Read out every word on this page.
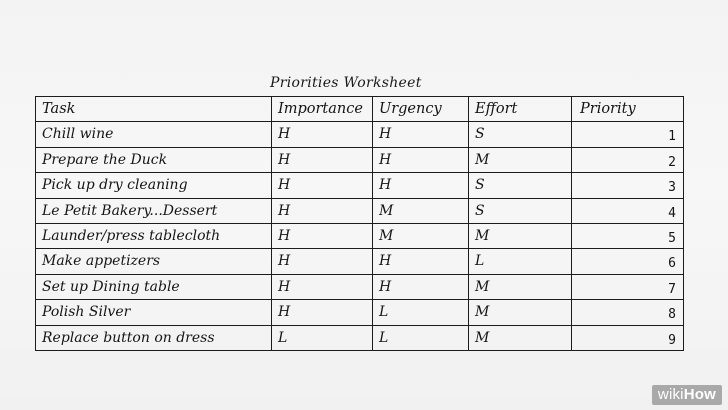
Priorities Worksheet
Task	Importance	Urgency	Effort	Priority
Chill wine	H	H	S	1
Prepare the Duck	H	H	M	2
Pick up dry cleaning	H	H	S	3
Le Petit Bakery...Dessert	H	M	S	4
Launder/press tablecloth	H	M	M	5
Make appetizers	H	H	L	6
Set up Dining table	H	H	M	7
Polish Silver	H	L	M	8
Replace button on dress	L	L	M	9
wikiHow
